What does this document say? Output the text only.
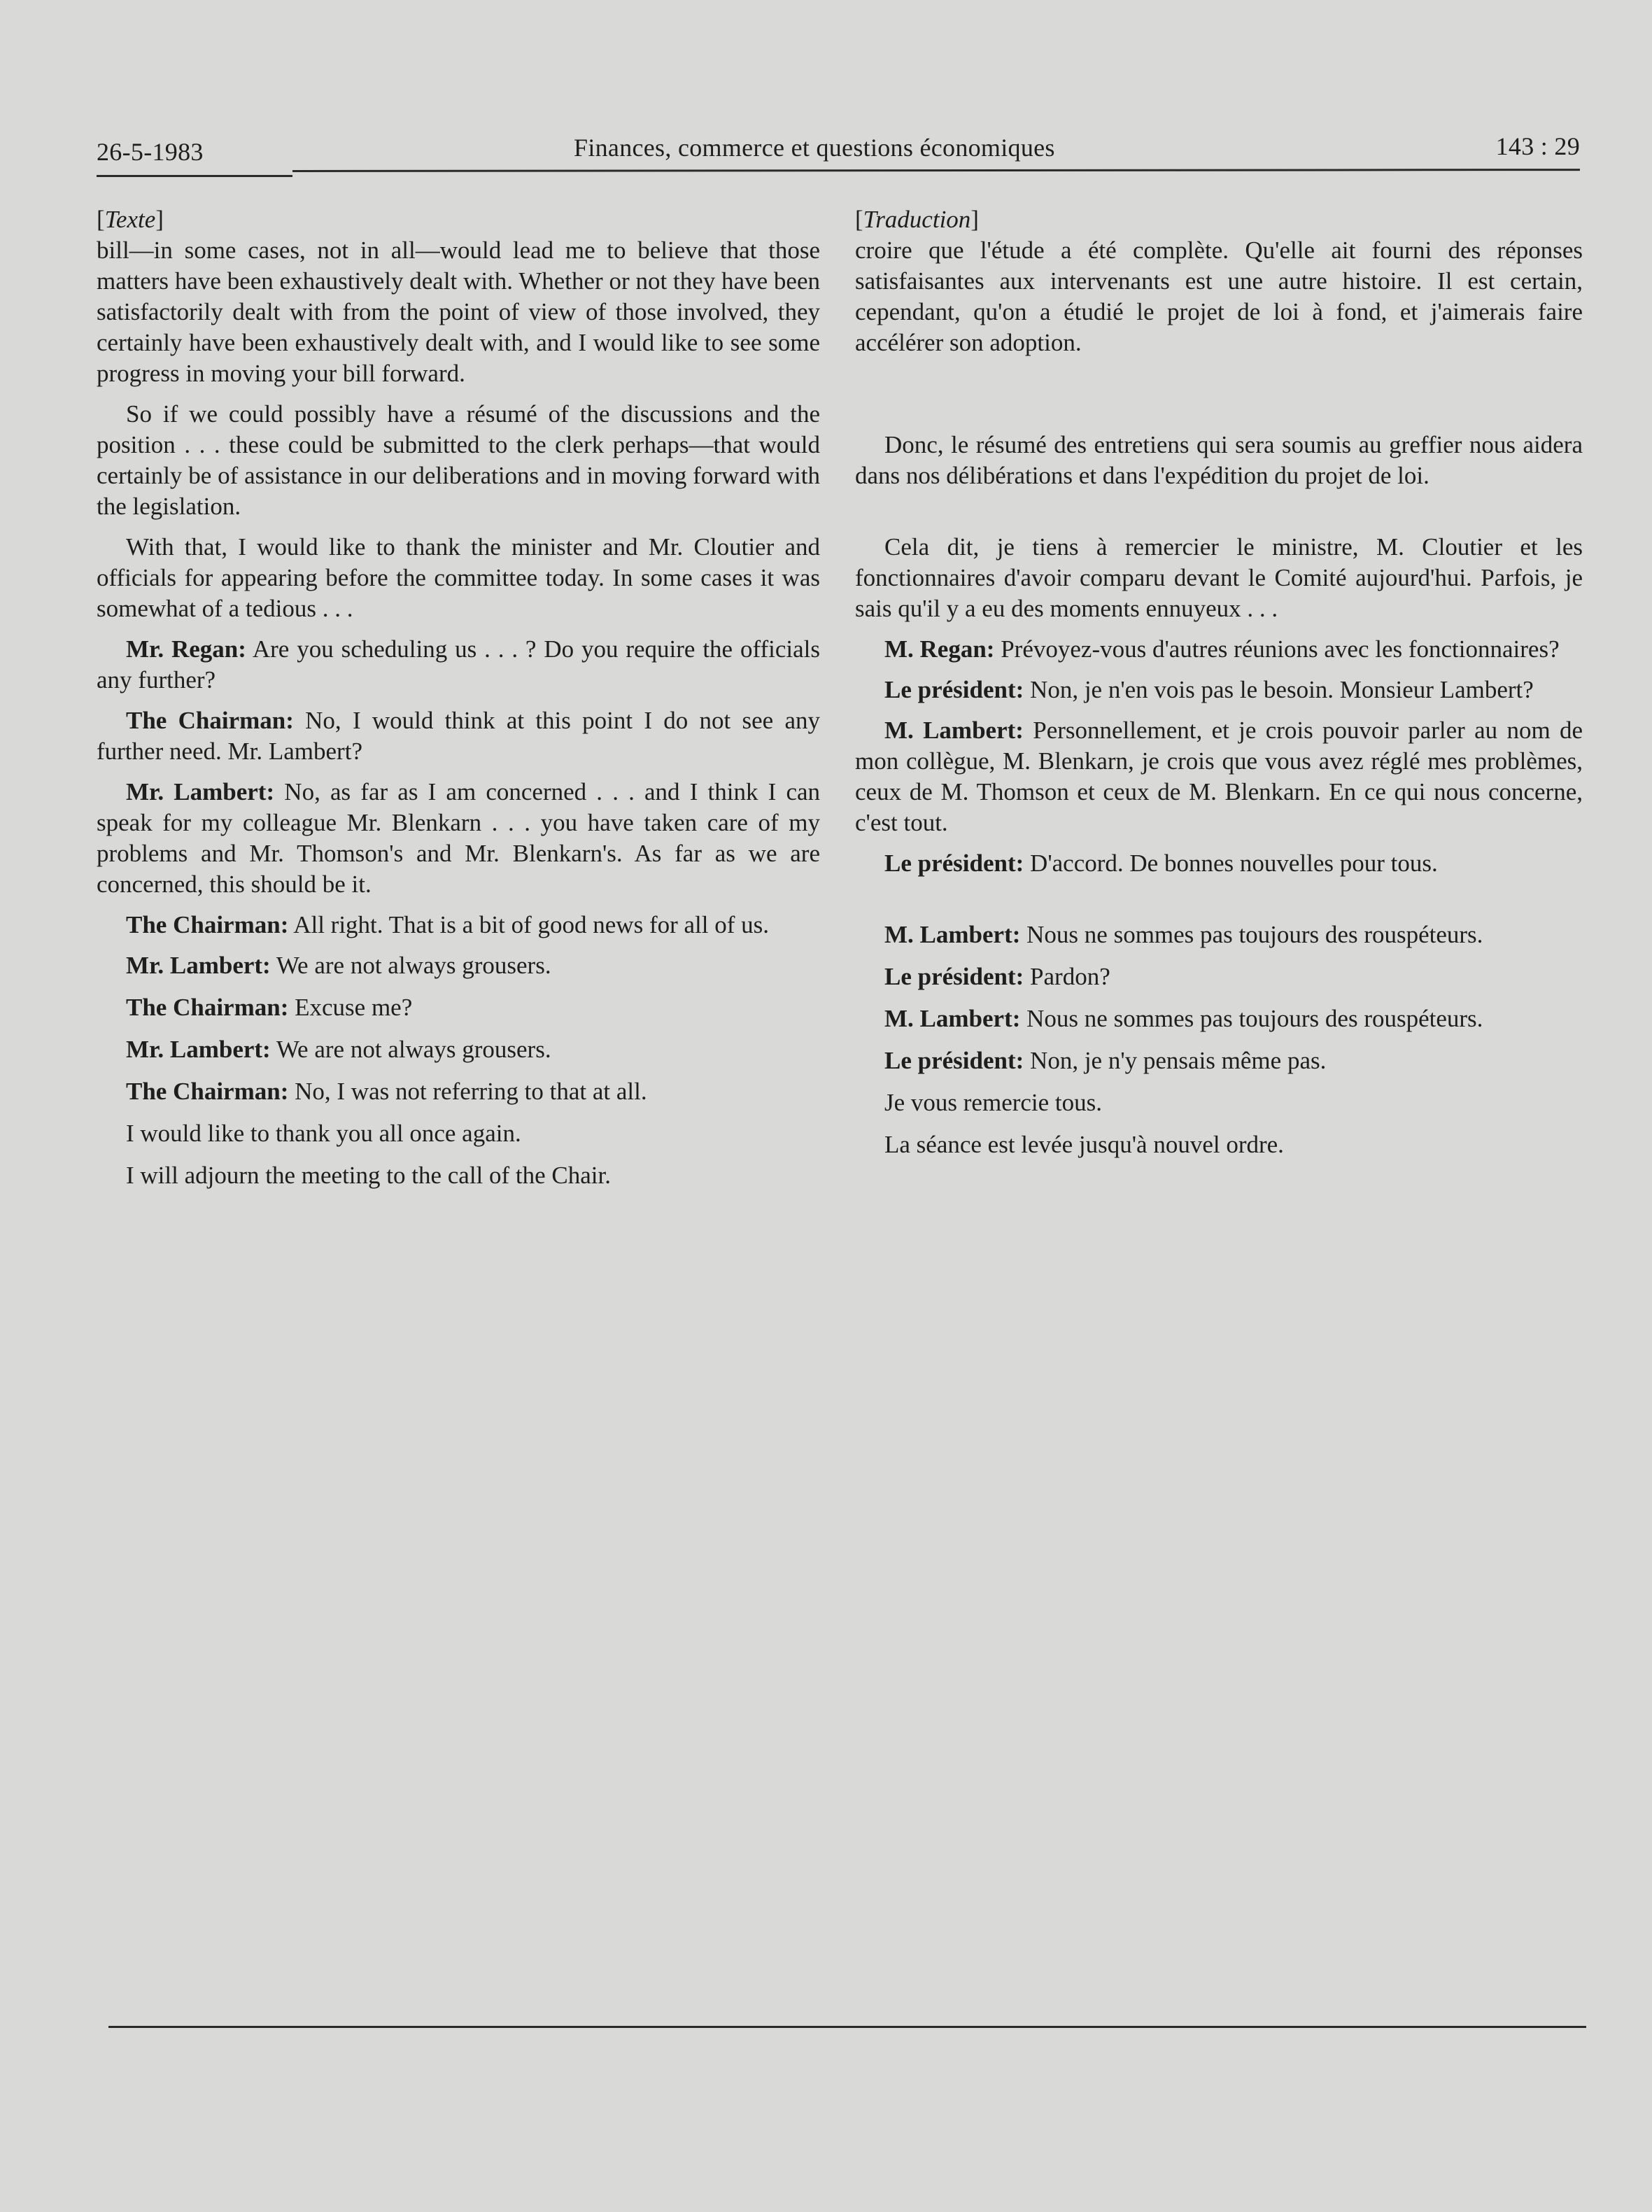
26-5-1983	Finances, commerce et questions économiques	143 : 29

[Texte]

bill—in some cases, not in all—would lead me to believe that those matters have been exhaustively dealt with. Whether or not they have been satisfactorily dealt with from the point of view of those involved, they certainly have been exhaustively dealt with, and I would like to see some progress in moving your bill forward.

So if we could possibly have a résumé of the discussions and the position . . . these could be submitted to the clerk perhaps—that would certainly be of assistance in our deliberations and in moving forward with the legislation.

With that, I would like to thank the minister and Mr. Cloutier and officials for appearing before the committee today. In some cases it was somewhat of a tedious . . .

Mr. Regan: Are you scheduling us . . . ? Do you require the officials any further?

The Chairman: No, I would think at this point I do not see any further need. Mr. Lambert?

Mr. Lambert: No, as far as I am concerned . . . and I think I can speak for my colleague Mr. Blenkarn . . . you have taken care of my problems and Mr. Thomson's and Mr. Blenkarn's. As far as we are concerned, this should be it.

The Chairman: All right. That is a bit of good news for all of us.

Mr. Lambert: We are not always grousers.

The Chairman: Excuse me?

Mr. Lambert: We are not always grousers.

The Chairman: No, I was not referring to that at all.

I would like to thank you all once again.

I will adjourn the meeting to the call of the Chair.

[Traduction]

croire que l'étude a été complète. Qu'elle ait fourni des réponses satisfaisantes aux intervenants est une autre histoire. Il est certain, cependant, qu'on a étudié le projet de loi à fond, et j'aimerais faire accélérer son adoption.

Donc, le résumé des entretiens qui sera soumis au greffier nous aidera dans nos délibérations et dans l'expédition du projet de loi.

Cela dit, je tiens à remercier le ministre, M. Cloutier et les fonctionnaires d'avoir comparu devant le Comité aujourd'hui. Parfois, je sais qu'il y a eu des moments ennuyeux . . .

M. Regan: Prévoyez-vous d'autres réunions avec les fonctionnaires?

Le président: Non, je n'en vois pas le besoin. Monsieur Lambert?

M. Lambert: Personnellement, et je crois pouvoir parler au nom de mon collègue, M. Blenkarn, je crois que vous avez réglé mes problèmes, ceux de M. Thomson et ceux de M. Blenkarn. En ce qui nous concerne, c'est tout.

Le président: D'accord. De bonnes nouvelles pour tous.

M. Lambert: Nous ne sommes pas toujours des rouspéteurs.

Le président: Pardon?

M. Lambert: Nous ne sommes pas toujours des rouspéteurs.

Le président: Non, je n'y pensais même pas.

Je vous remercie tous.

La séance est levée jusqu'à nouvel ordre.
